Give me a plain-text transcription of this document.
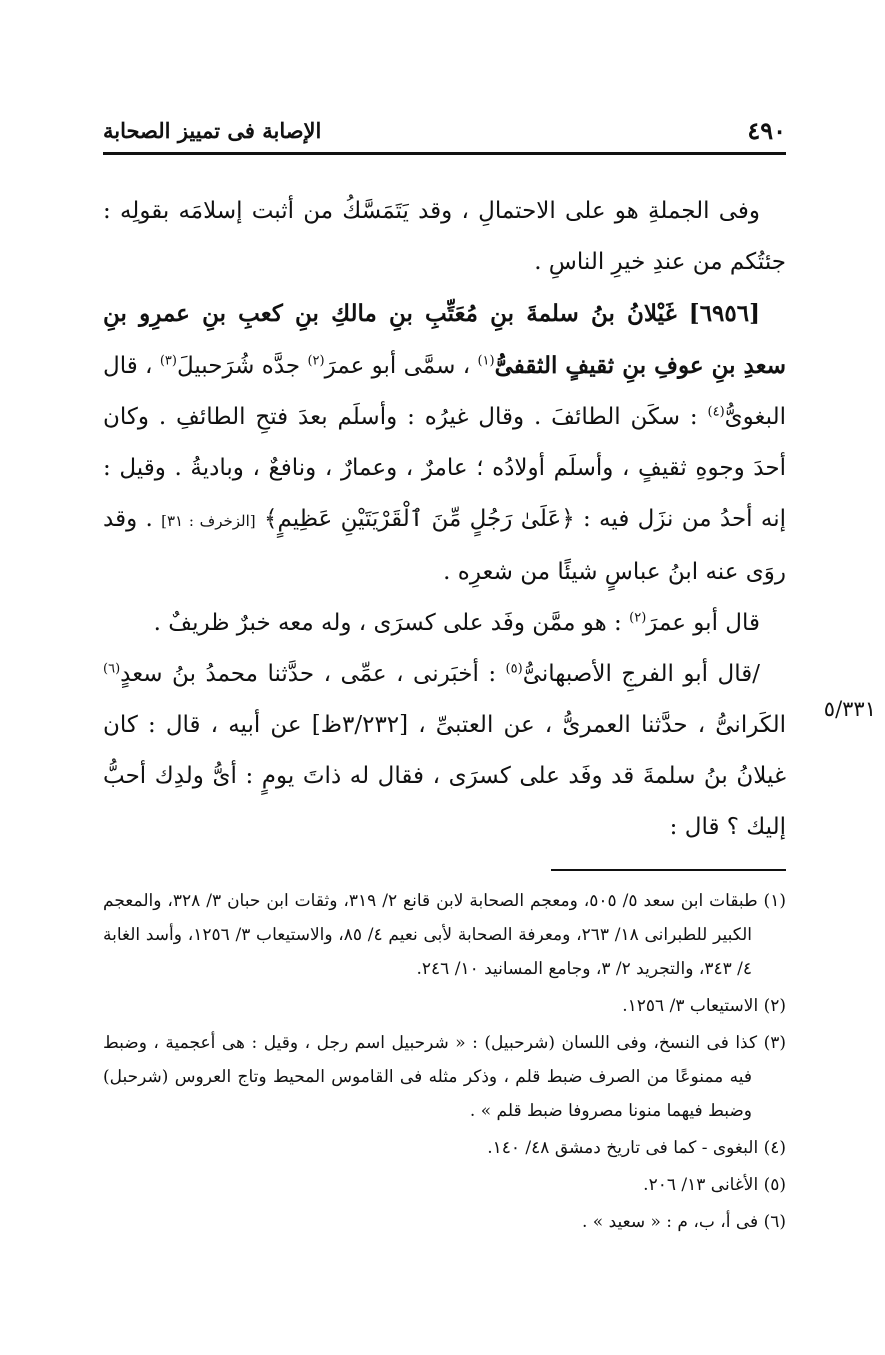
٤٩٠
الإصابة فى تمييز الصحابة

وفى الجملةِ هو على الاحتمالِ ، وقد يَتَمَسَّكُ من أثبت إسلامَه بقولِه : جئتُكم من عندِ خيرِ الناسِ .

[٦٩٥٦] غَيْلانُ بنُ سلمةَ بنِ مُعَتِّبِ بنِ مالكِ بنِ كعبِ بنِ عمرِو بنِ سعدِ بنِ عوفِ بنِ ثقيفٍ الثقفىُّ$^{(١)}$ ، سمَّى أبو عمرَ$^{(٢)}$ جدَّه شُرَحبيلَ$^{(٣)}$ ، قال البغوىُّ$^{(٤)}$ : سكَن الطائفَ . وقال غيرُه : وأسلَم بعدَ فتحِ الطائفِ . وكان أحدَ وجوهِ ثقيفٍ ، وأسلَم أولادُه ؛ عامرٌ ، وعمارٌ ، ونافعٌ ، وباديةُ . وقيل : إنه أحدُ من نزَل فيه : ﴿عَلَىٰ رَجُلٍ مِّنَ ٱلْقَرْيَتَيْنِ عَظِيمٍ﴾ [الزخرف : ٣١] . وقد روَى عنه ابنُ عباسٍ شيئًا من شعرِه .

قال أبو عمرَ$^{(٢)}$ : هو ممَّن وفَد على كسرَى ، وله معه خبرٌ ظريفٌ .

/قال أبو الفرجِ الأصبهانىُّ$^{(٥)}$ : أخبَرنى ، عمِّى ، حدَّثنا محمدُ بنُ سعدٍ$^{(٦)}$ الكَرانىُّ ، حدَّثنا العمرىُّ ، عن العتبىِّ ، [٣/٢٣٢ظ] عن أبيه ، قال : كان غيلانُ بنُ سلمةَ قد وفَد على كسرَى ، فقال له ذاتَ يومٍ : أىُّ ولدِك أحبُّ إليك ؟ قال :

٥/٣٣١

(١) طبقات ابن سعد ٥/ ٥٠٥، ومعجم الصحابة لابن قانع ٢/ ٣١٩، وثقات ابن حبان ٣/ ٣٢٨، والمعجم الكبير للطبرانى ١٨/ ٢٦٣، ومعرفة الصحابة لأبى نعيم ٤/ ٨٥، والاستيعاب ٣/ ١٢٥٦، وأسد الغابة ٤/ ٣٤٣، والتجريد ٢/ ٣، وجامع المسانيد ١٠/ ٢٤٦.

(٢) الاستيعاب ٣/ ١٢٥٦.

(٣) كذا فى النسخ، وفى اللسان (شرحبيل) : « شرحبيل اسم رجل ، وقيل : هى أعجمية ، وضبط فيه ممنوعًا من الصرف ضبط قلم ، وذكر مثله فى القاموس المحيط وتاج العروس (شرحبل) وضبط فيهما منونا مصروفا ضبط قلم » .

(٤) البغوى - كما فى تاريخ دمشق ٤٨/ ١٤٠.

(٥) الأغانى ١٣/ ٢٠٦.

(٦) فى أ، ب، م : « سعيد » .
